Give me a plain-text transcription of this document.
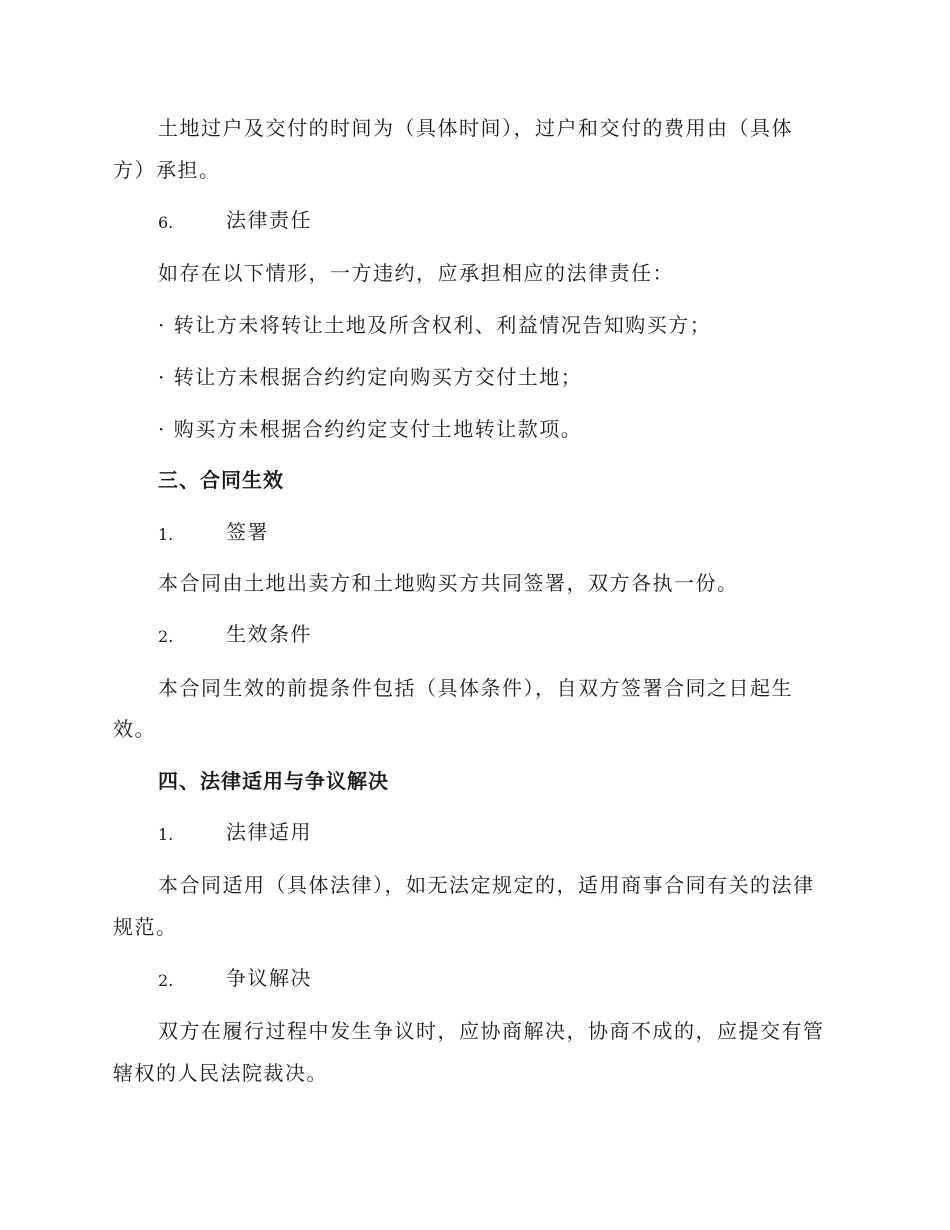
土地过户及交付的时间为（具体时间），过户和交付的费用由（具体
方）承担。
6.	法律责任
如存在以下情形，一方违约，应承担相应的法律责任：
· 转让方未将转让土地及所含权利、利益情况告知购买方；
· 转让方未根据合约约定向购买方交付土地；
· 购买方未根据合约约定支付土地转让款项。
三、合同生效
1.	签署
本合同由土地出卖方和土地购买方共同签署，双方各执一份。
2.	生效条件
本合同生效的前提条件包括（具体条件），自双方签署合同之日起生
效。
四、法律适用与争议解决
1.	法律适用
本合同适用（具体法律），如无法定规定的，适用商事合同有关的法律
规范。
2.	争议解决
双方在履行过程中发生争议时，应协商解决，协商不成的，应提交有管
辖权的人民法院裁决。
